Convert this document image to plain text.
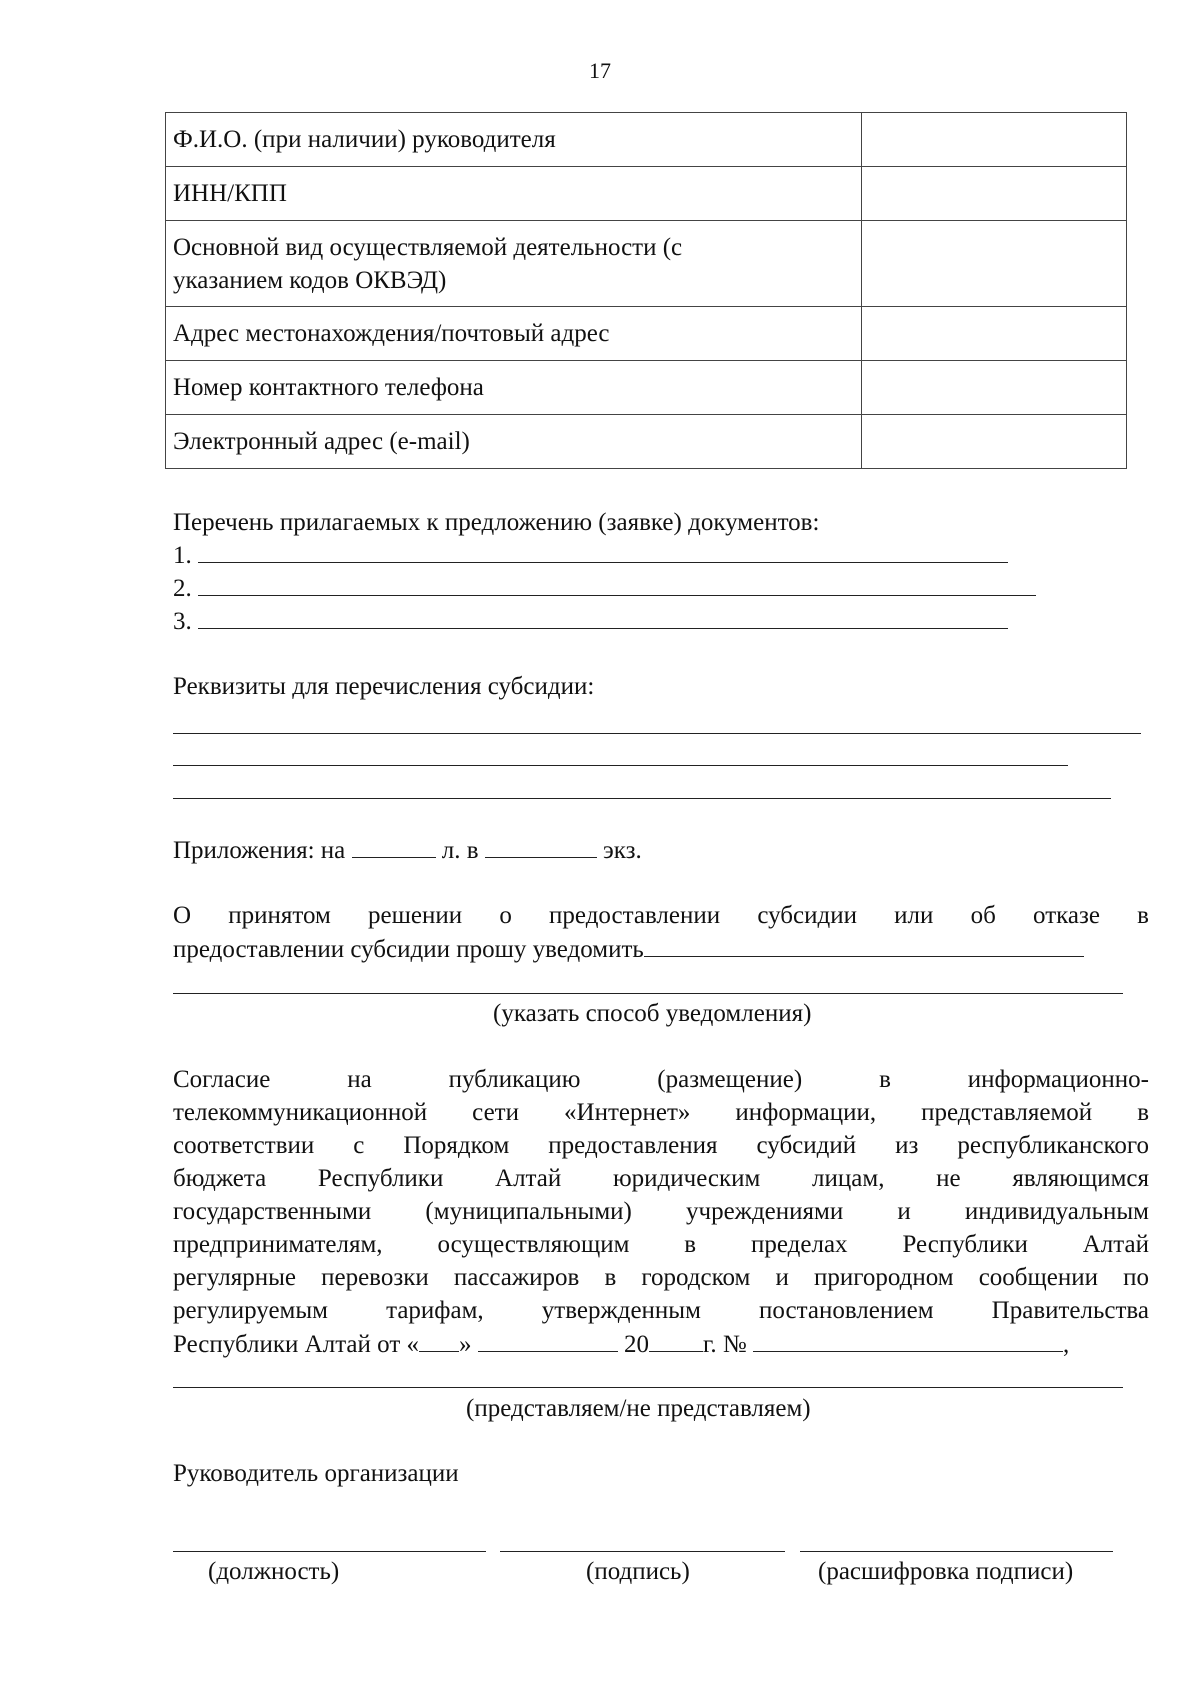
17
Ф.И.О. (при наличии) руководителя	
ИНН/КПП	
Основной вид осуществляемой деятельности (с
указанием кодов ОКВЭД)	
Адрес местонахождения/почтовый адрес	
Номер контактного телефона	
Электронный адрес (e-mail)	
Перечень прилагаемых к предложению (заявке) документов:
1.
2.
3.
Реквизиты для перечисления субсидии:
Приложения: на	л. в	экз.
О принятом решении о предоставлении субсидии или об отказе в
предоставлении субсидии прошу уведомить
(указать способ уведомления)
Согласие	на	публикацию	(размещение)	в	информационно-
телекоммуникационной сети «Интернет» информации, представляемой в
соответствии с Порядком предоставления субсидий из республиканского
бюджета Республики Алтай юридическим лицам, не являющимся
государственными (муниципальными) учреждениями и индивидуальным
предпринимателям, осуществляющим в пределах Республики Алтай
регулярные перевозки пассажиров в городском и пригородном сообщении по
регулируемым тарифам, утвержденным постановлением Правительства
Республики Алтай от « »	20 г. №	,
(представляем/не представляем)
Руководитель организации
(должность)	(подпись)	(расшифровка подписи)
